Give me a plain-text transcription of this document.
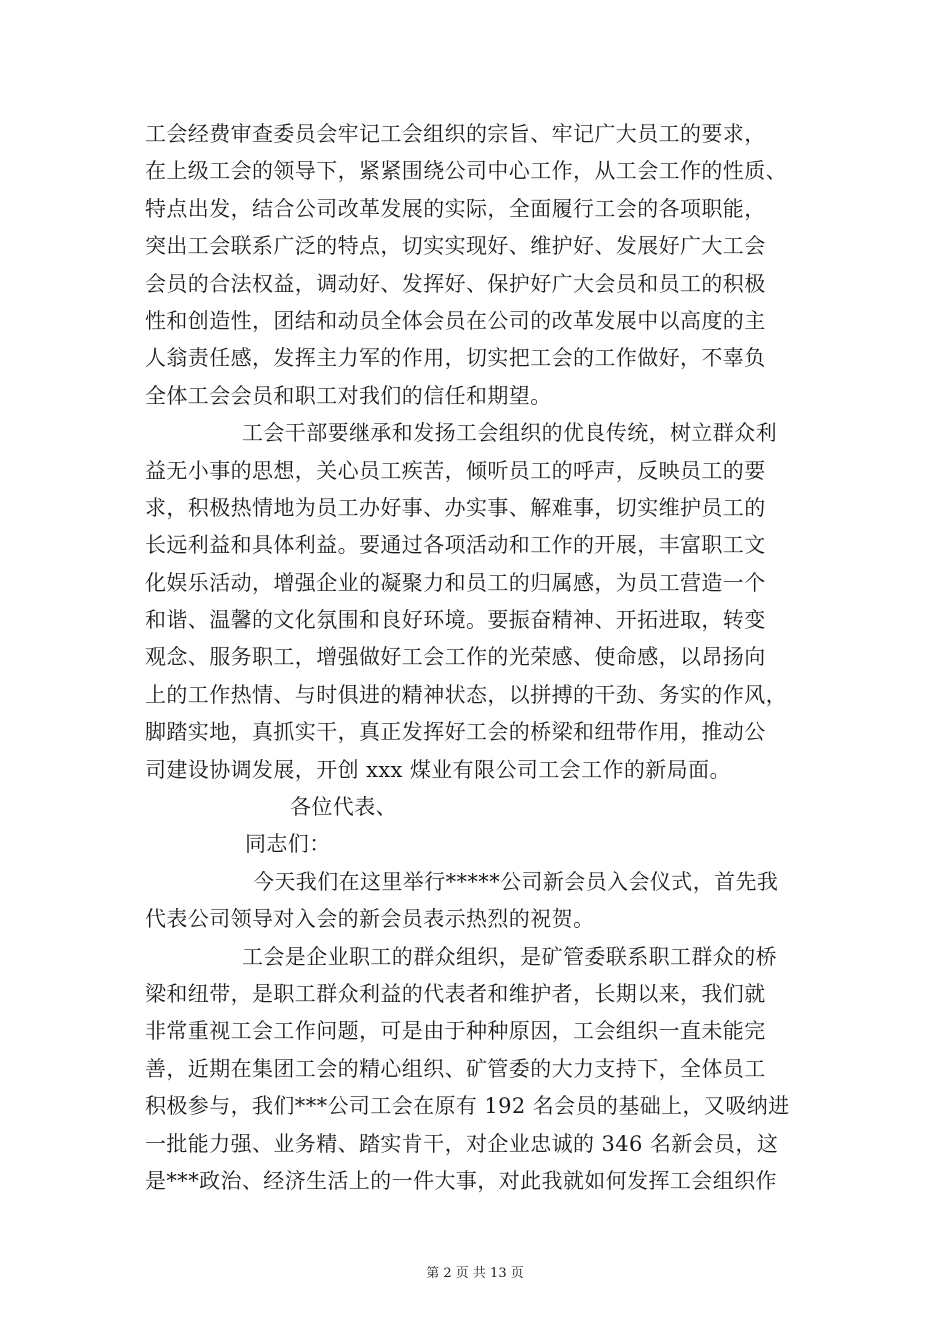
工会经费审查委员会牢记工会组织的宗旨、牢记广大员工的要求，
在上级工会的领导下，紧紧围绕公司中心工作，从工会工作的性质、
特点出发，结合公司改革发展的实际，全面履行工会的各项职能，
突出工会联系广泛的特点，切实实现好、维护好、发展好广大工会
会员的合法权益，调动好、发挥好、保护好广大会员和员工的积极
性和创造性，团结和动员全体会员在公司的改革发展中以高度的主
人翁责任感，发挥主力军的作用，切实把工会的工作做好，不辜负
全体工会会员和职工对我们的信任和期望。
工会干部要继承和发扬工会组织的优良传统，树立群众利
益无小事的思想，关心员工疾苦，倾听员工的呼声，反映员工的要
求，积极热情地为员工办好事、办实事、解难事，切实维护员工的
长远利益和具体利益。要通过各项活动和工作的开展，丰富职工文
化娱乐活动，增强企业的凝聚力和员工的归属感，为员工营造一个
和谐、温馨的文化氛围和良好环境。要振奋精神、开拓进取，转变
观念、服务职工，增强做好工会工作的光荣感、使命感，以昂扬向
上的工作热情、与时俱进的精神状态，以拼搏的干劲、务实的作风，
脚踏实地，真抓实干，真正发挥好工会的桥梁和纽带作用，推动公
司建设协调发展，开创 xxx 煤业有限公司工会工作的新局面。
各位代表、
同志们：
今天我们在这里举行*****公司新会员入会仪式，首先我
代表公司领导对入会的新会员表示热烈的祝贺。
工会是企业职工的群众组织，是矿管委联系职工群众的桥
梁和纽带，是职工群众利益的代表者和维护者，长期以来，我们就
非常重视工会工作问题，可是由于种种原因，工会组织一直未能完
善，近期在集团工会的精心组织、矿管委的大力支持下，全体员工
积极参与，我们***公司工会在原有 192 名会员的基础上，又吸纳进
一批能力强、业务精、踏实肯干，对企业忠诚的 346 名新会员，这
是***政治、经济生活上的一件大事，对此我就如何发挥工会组织作
第 2 页 共 13 页
